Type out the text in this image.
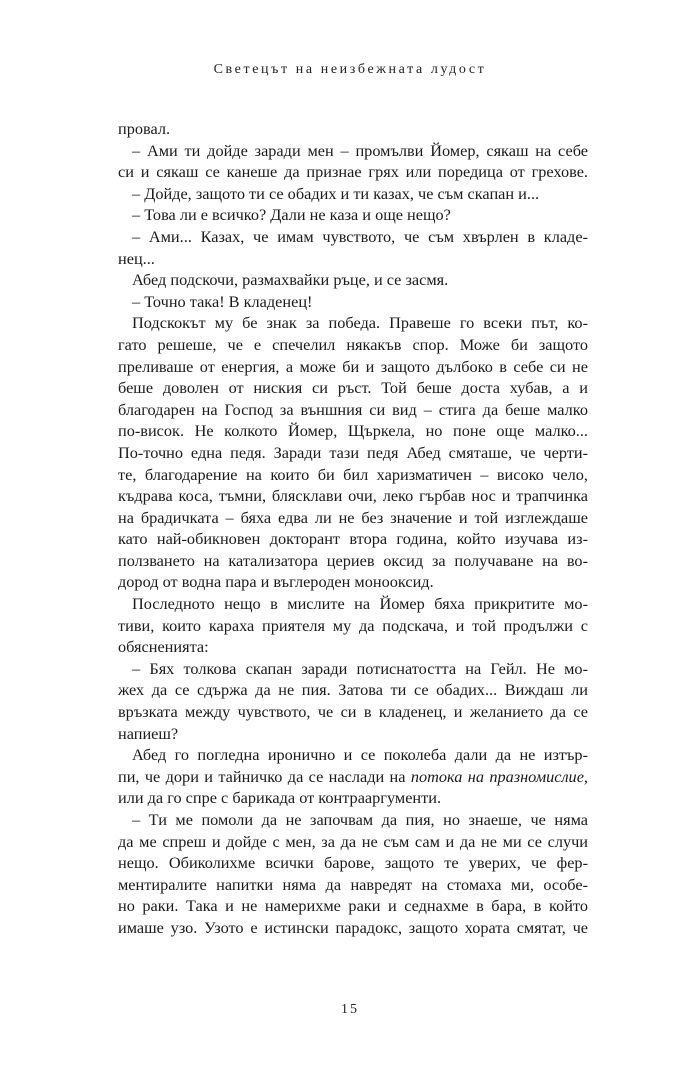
Светецът на неизбежната лудост
провал.
– Ами ти дойде заради мен – промълви Йомер, сякаш на себе
си и сякаш се канеше да признае грях или поредица от грехове.
– Дойде, защото ти се обадих и ти казах, че съм скапан и...
– Това ли е всичко? Дали не каза и още нещо?
– Ами... Казах, че имам чувството, че съм хвърлен в кладе-
нец...
Абед подскочи, размахвайки ръце, и се засмя.
– Точно така! В кладенец!
Подскокът му бе знак за победа. Правеше го всеки път, ко-
гато решеше, че е спечелил някакъв спор. Може би защото
преливаше от енергия, а може би и защото дълбоко в себе си не
беше доволен от ниския си ръст. Той беше доста хубав, а и
благодарен на Господ за външния си вид – стига да беше малко
по-висок. Не колкото Йомер, Щъркела, но поне още малко...
По-точно една педя. Заради тази педя Абед смяташе, че черти-
те, благодарение на които би бил харизматичен – високо чело,
къдрава коса, тъмни, блясклави очи, леко гърбав нос и трапчинка
на брадичката – бяха едва ли не без значение и той изглеждаше
като най-обикновен докторант втора година, който изучава из-
ползването на катализатора цериев оксид за получаване на во-
дород от водна пара и въглероден монооксид.
Последното нещо в мислите на Йомер бяха прикритите мо-
тиви, които караха приятеля му да подскача, и той продължи с
обясненията:
– Бях толкова скапан заради потиснатостта на Гейл. Не мо-
жех да се сдържа да не пия. Затова ти се обадих... Виждаш ли
връзката между чувството, че си в кладенец, и желанието да се
напиеш?
Абед го погледна иронично и се поколеба дали да не изтър-
пи, че дори и тайничко да се наслади на потока на празномислие,
или да го спре с барикада от контрааргументи.
– Ти ме помоли да не започвам да пия, но знаеше, че няма
да ме спреш и дойде с мен, за да не съм сам и да не ми се случи
нещо. Обиколихме всички барове, защото те уверих, че фер-
ментиралите напитки няма да навредят на стомаха ми, особе-
но раки. Така и не намерихме раки и седнахме в бара, в който
имаше узо. Узото е истински парадокс, защото хората смятат, че
15
